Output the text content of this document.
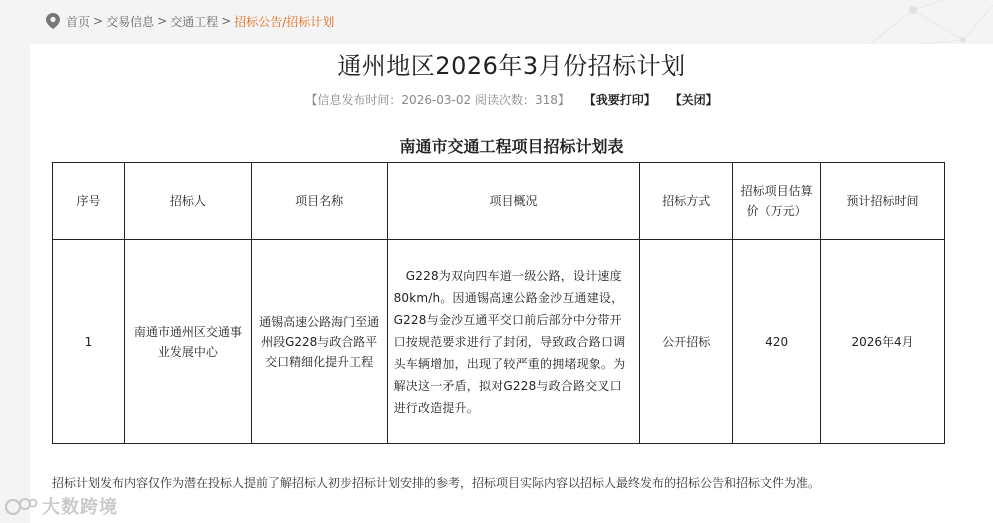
首页 > 交易信息 > 交通工程 > 招标公告/招标计划
通州地区2026年3月份招标计划
【信息发布时间：2026-03-02 阅读次数：318】 【我要打印】 【关闭】
南通市交通工程项目招标计划表
序号	招标人	项目名称	项目概况	招标方式	招标项目估算价（万元）	预计招标时间
1	南通市通州区交通事业发展中心	通锡高速公路海门至通州段G228与政合路平交口精细化提升工程	　G228为双向四车道一级公路，设计速度80km/h。因通锡高速公路金沙互通建设，G228与金沙互通平交口前后部分中分带开口按规范要求进行了封闭，导致政合路口调头车辆增加，出现了较严重的拥堵现象。为解决这一矛盾，拟对G228与政合路交叉口进行改造提升。	公开招标	420	2026年4月
招标计划发布内容仅作为潜在投标人提前了解招标人初步招标计划安排的参考，招标项目实际内容以招标人最终发布的招标公告和招标文件为准。
大数跨境
